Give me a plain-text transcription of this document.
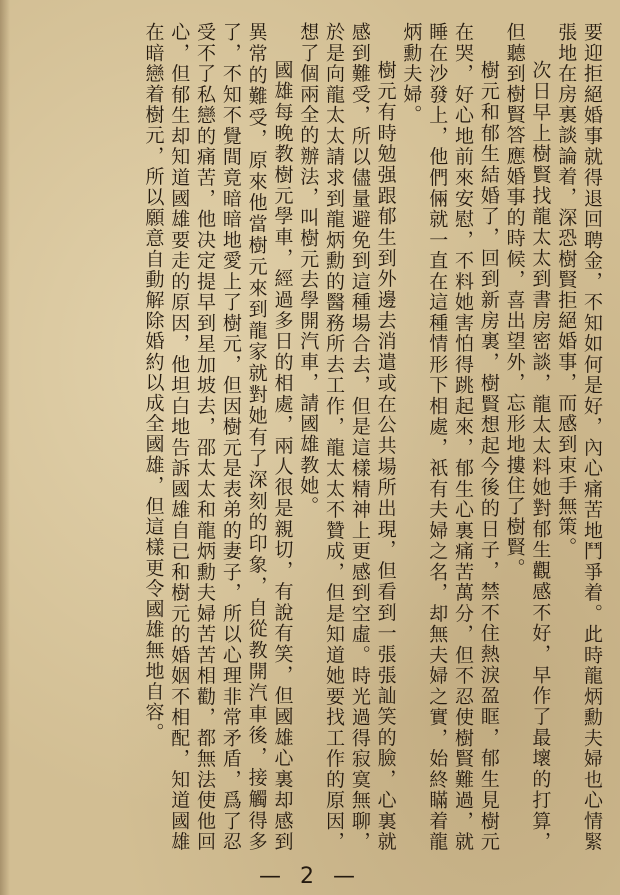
要迎拒絕婚事就得退回聘金，不知如何是好，內心痛苦地鬥爭着。此時龍炳勳夫婦也心情緊張地在房裏談論着，深恐樹賢拒絕婚事，而感到束手無策。

次日早上樹賢找龍太太到書房密談，龍太太料她對郁生觀感不好，早作了最壞的打算，但聽到樹賢答應婚事的時候，喜出望外，忘形地摟住了樹賢。

樹元和郁生結婚了，回到新房裏，樹賢想起今後的日子，禁不住熱淚盈眶，郁生見樹元在哭，好心地前來安慰，不料她害怕得跳起來，郁生心裏痛苦萬分，但不忍使樹賢難過，就睡在沙發上，他們倆就一直在這種情形下相處，祇有夫婦之名，却無夫婦之實，始終瞞着龍炳勳夫婦。

樹元有時勉强跟郁生到外邊去消遣或在公共場所出現，但看到一張張訕笑的臉，心裏就感到難受，所以儘量避免到這種場合去，但是這樣精神上更感到空虛。時光過得寂寞無聊，於是向龍太太請求到龍炳勳的醫務所去工作，龍太太不贊成，但是知道她要找工作的原因，想了個兩全的辦法，叫樹元去學開汽車，請國雄教她。

國雄每晚教樹元學車，經過多日的相處，兩人很是親切，有說有笑，但國雄心裏却感到異常的難受，原來他當樹元來到龍家就對她有了深刻的印象，自從教開汽車後，接觸得多了，不知不覺間竟暗暗地愛上了樹元，但因樹元是表弟的妻子，所以心理非常矛盾，爲了忍受不了私戀的痛苦，他决定提早到星加坡去，邵太太和龍炳勳夫婦苦苦相勸，都無法使他回心，但郁生却知道國雄要走的原因，他坦白地告訴國雄自已和樹元的婚姻不相配，知道國雄在暗戀着樹元，所以願意自動解除婚約以成全國雄，但這樣更令國雄無地自容。

— 2 —
